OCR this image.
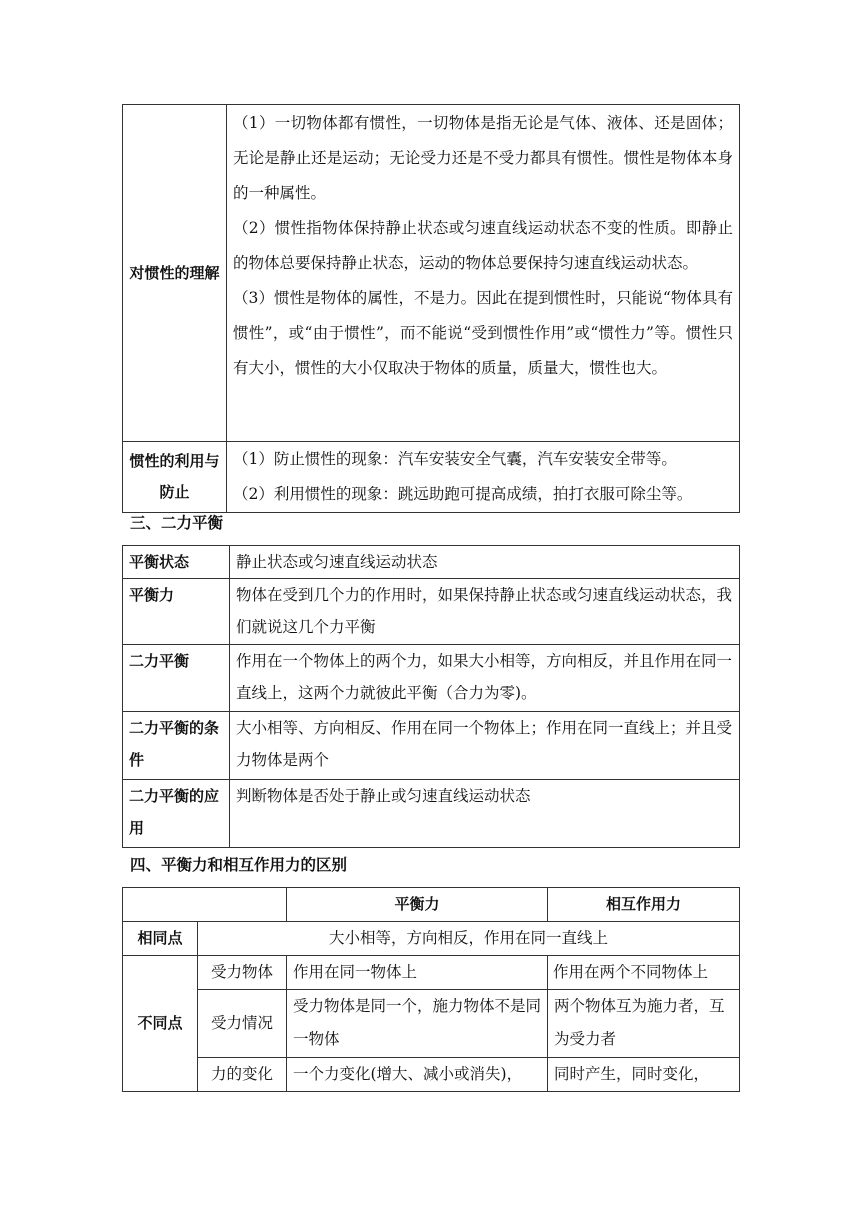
对惯性的理解	（1）一切物体都有惯性，一切物体是指无论是气体、液体、还是固体；无论是静止还是运动；无论受力还是不受力都具有惯性。惯性是物体本身的一种属性。

（2）惯性指物体保持静止状态或匀速直线运动状态不变的性质。即静止的物体总要保持静止状态，运动的物体总要保持匀速直线运动状态。

（3）惯性是物体的属性，不是力。因此在提到惯性时，只能说“物体具有惯性”，或“由于惯性”，而不能说“受到惯性作用”或“惯性力”等。惯性只有大小，惯性的大小仅取决于物体的质量，质量大，惯性也大。

惯性的利用与防止	（1）防止惯性的现象：汽车安装安全气囊，汽车安装安全带等。

（2）利用惯性的现象：跳远助跑可提高成绩，拍打衣服可除尘等。

三、二力平衡
平衡状态	静止状态或匀速直线运动状态
平衡力	物体在受到几个力的作用时，如果保持静止状态或匀速直线运动状态，我们就说这几个力平衡
二力平衡	作用在一个物体上的两个力，如果大小相等，方向相反，并且作用在同一直线上，这两个力就彼此平衡（合力为零)。
二力平衡的条件	大小相等、方向相反、作用在同一个物体上；作用在同一直线上；并且受力物体是两个
二力平衡的应用	判断物体是否处于静止或匀速直线运动状态
四、平衡力和相互作用力的区别
		平衡力	相互作用力
相同点	大小相等，方向相反，作用在同一直线上		
不同点	受力物体	作用在同一物体上	作用在两个不同物体上
	受力情况	受力物体是同一个，施力物体不是同一物体	两个物体互为施力者，互为受力者
	力的变化	一个力变化(增大、减小或消失)，	同时产生，同时变化，
